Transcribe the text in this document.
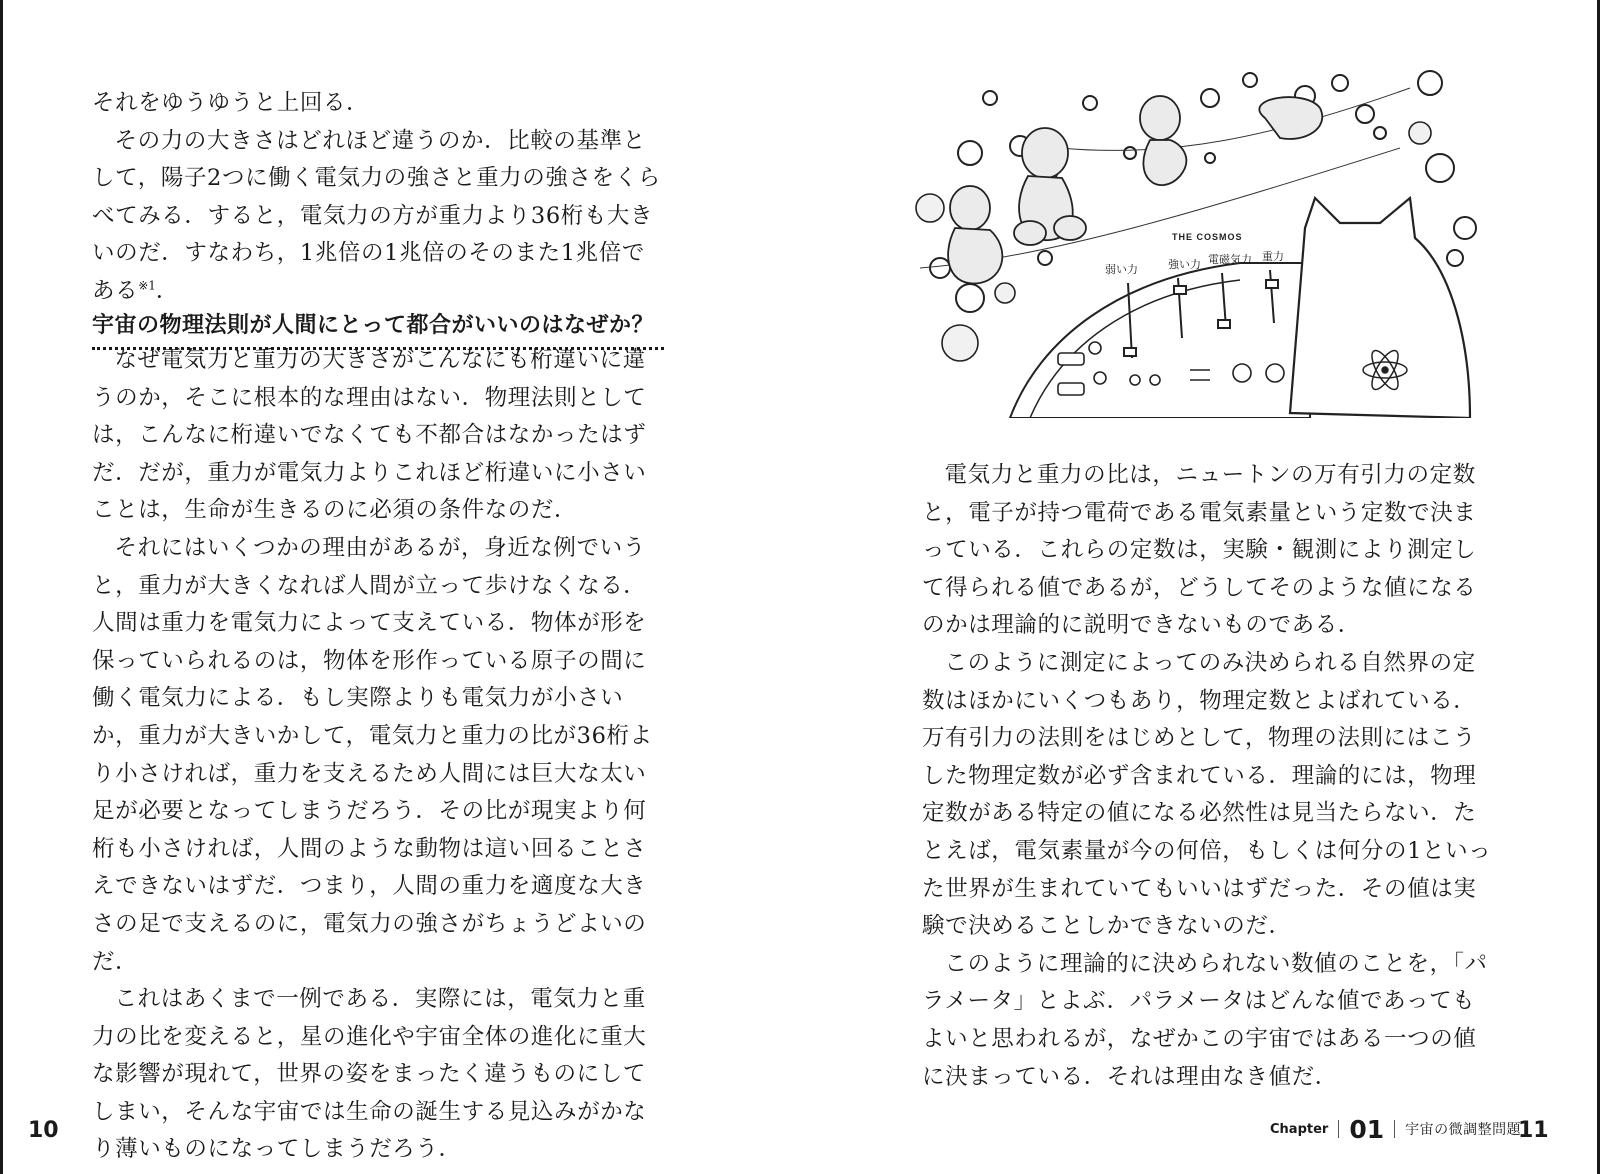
それをゆうゆうと上回る．

その力の大きさはどれほど違うのか．比較の基準として，陽子2つに働く電気力の強さと重力の強さをくらべてみる．すると，電気力の方が重力より36桁も大きいのだ．すなわち，1兆倍の1兆倍のそのまた1兆倍である$^{※1}$．

宇宙の物理法則が人間にとって都合がいいのはなぜか？

なぜ電気力と重力の大きさがこんなにも桁違いに違うのか，そこに根本的な理由はない．物理法則としては，こんなに桁違いでなくても不都合はなかったはずだ．だが，重力が電気力よりこれほど桁違いに小さいことは，生命が生きるのに必須の条件なのだ．

それにはいくつかの理由があるが，身近な例でいうと，重力が大きくなれば人間が立って歩けなくなる．人間は重力を電気力によって支えている．物体が形を保っていられるのは，物体を形作っている原子の間に働く電気力による．もし実際よりも電気力が小さいか，重力が大きいかして，電気力と重力の比が36桁より小さければ，重力を支えるため人間には巨大な太い足が必要となってしまうだろう．その比が現実より何桁も小さければ，人間のような動物は這い回ることさえできないはずだ．つまり，人間の重力を適度な大きさの足で支えるのに，電気力の強さがちょうどよいのだ．

これはあくまで一例である．実際には，電気力と重力の比を変えると，星の進化や宇宙全体の進化に重大な影響が現れて，世界の姿をまったく違うものにしてしまい，そんな宇宙では生命の誕生する見込みがかなり薄いものになってしまうだろう．

10
THE COSMOS
弱い力	強い力 電磁気力 重力

電気力と重力の比は，ニュートンの万有引力の定数と，電子が持つ電荷である電気素量という定数で決まっている．これらの定数は，実験・観測により測定して得られる値であるが，どうしてそのような値になるのかは理論的に説明できないものである．

このように測定によってのみ決められる自然界の定数はほかにいくつもあり，物理定数とよばれている．万有引力の法則をはじめとして，物理の法則にはこうした物理定数が必ず含まれている．理論的には，物理定数がある特定の値になる必然性は見当たらない．たとえば，電気素量が今の何倍，もしくは何分の1といった世界が生まれていてもいいはずだった．その値は実験で決めることしかできないのだ．

このように理論的に決められない数値のことを，「パラメータ」とよぶ．パラメータはどんな値であってもよいと思われるが，なぜかこの宇宙ではある一つの値に決まっている．それは理由なき値だ．

Chapter 01 宇宙の微調整問題
11
